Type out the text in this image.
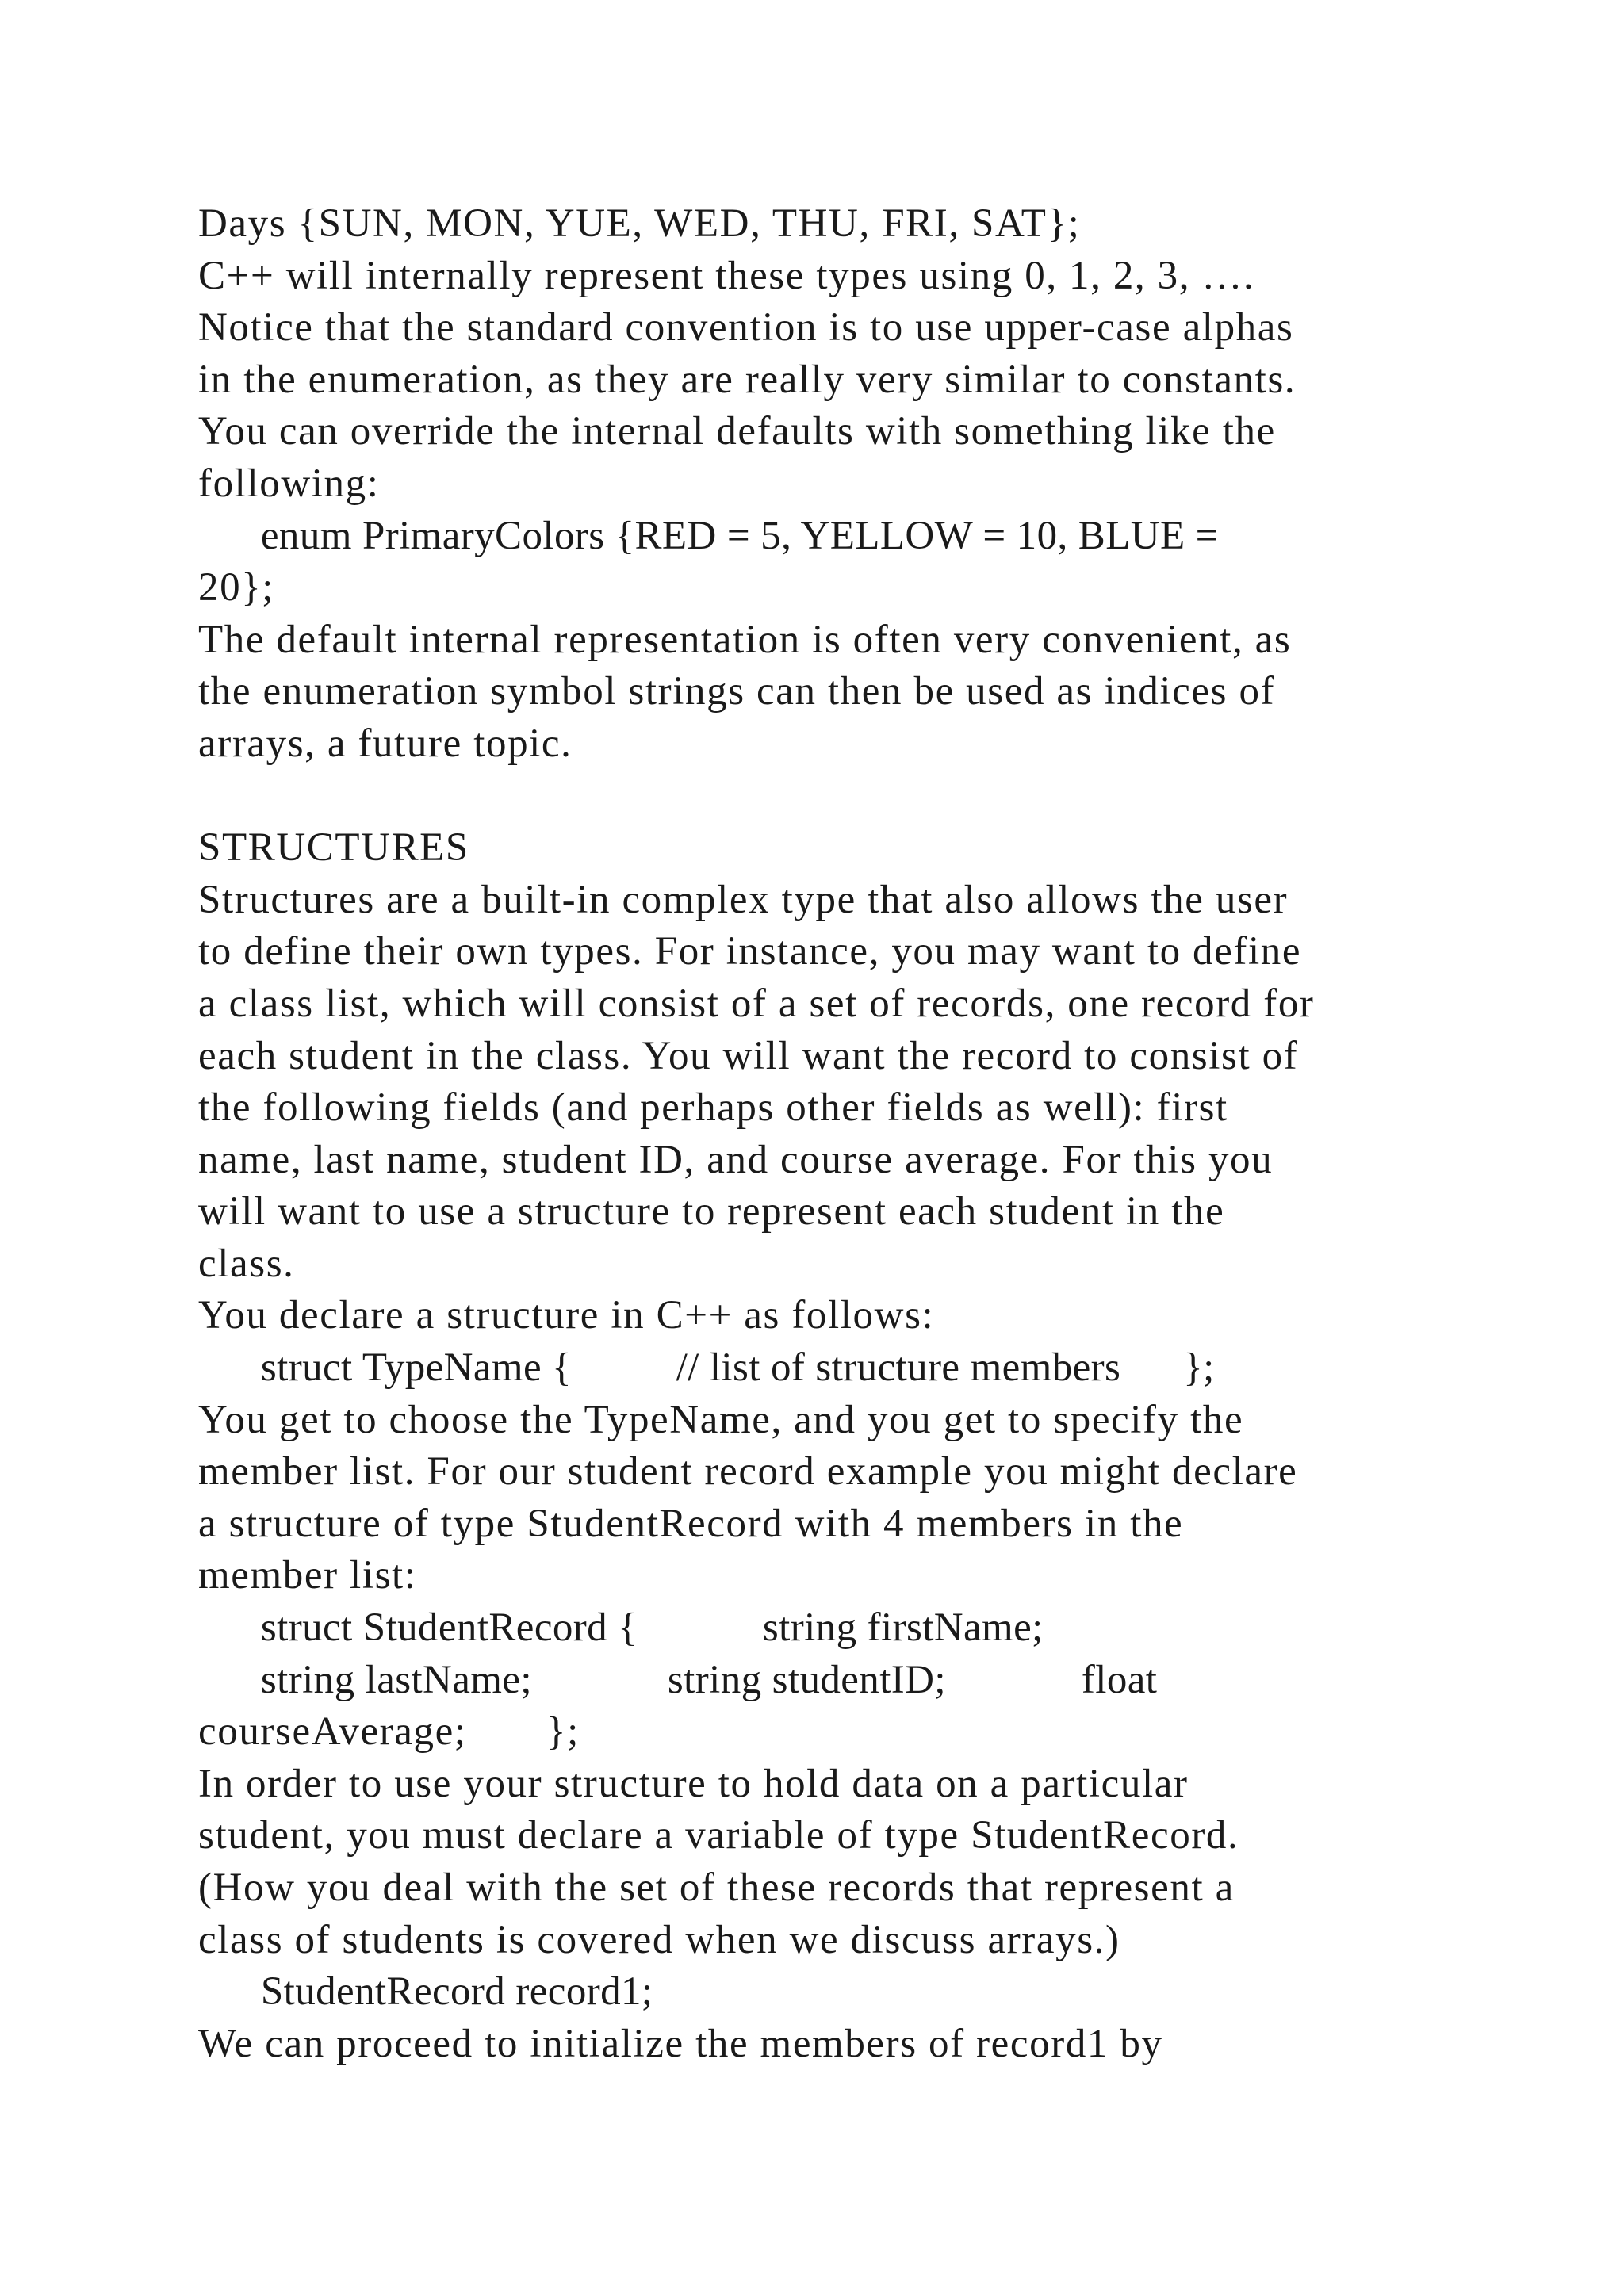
Days {SUN, MON, YUE, WED, THU, FRI, SAT};
C++ will internally represent these types using 0, 1, 2, 3, ….
Notice that the standard convention is to use upper-case alphas
in the enumeration, as they are really very similar to constants.
You can override the internal defaults with something like the
following:
enum PrimaryColors {RED = 5, YELLOW = 10, BLUE =
20};
The default internal representation is often very convenient, as
the enumeration symbol strings can then be used as indices of
arrays, a future topic.
STRUCTURES
Structures are a built-in complex type that also allows the user
to define their own types. For instance, you may want to define
a class list, which will consist of a set of records, one record for
each student in the class. You will want the record to consist of
the following fields (and perhaps other fields as well): first
name, last name, student ID, and course average. For this you
will want to use a structure to represent each student in the
class.
You declare a structure in C++ as follows:
struct TypeName {          // list of structure members      };
You get to choose the TypeName, and you get to specify the
member list. For our student record example you might declare
a structure of type StudentRecord with 4 members in the
member list:
struct StudentRecord {            string firstName;
string lastName;             string studentID;             float
courseAverage;       };
In order to use your structure to hold data on a particular
student, you must declare a variable of type StudentRecord.
(How you deal with the set of these records that represent a
class of students is covered when we discuss arrays.)
StudentRecord record1;
We can proceed to initialize the members of record1 by
